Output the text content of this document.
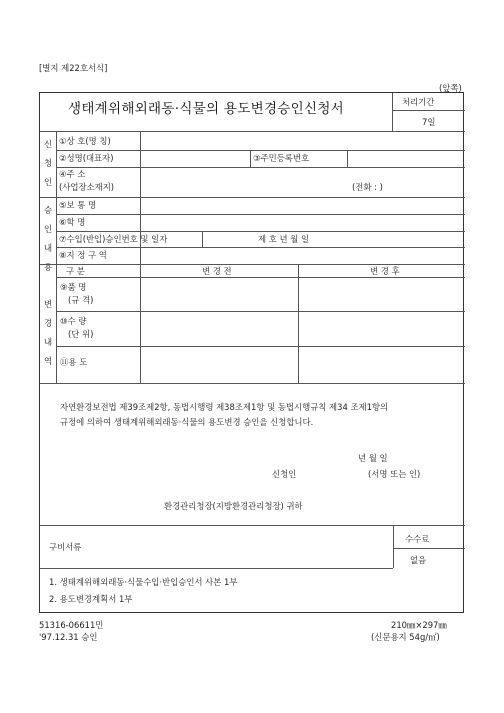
[별지 제22호서식]
(앞쪽)
생태계위해외래동·식물의 용도변경승인신청서	처리기간
7일
신
청
인
①상 호(명 칭)
②성명(대표자)	③주민등록번호
④주 소
(사업장소재지)	(전화 : )
승
인
내
용
⑤보 통 명
⑥학 명
⑦수입(반입)승인번호 및 일자	제 호 년 월 일
⑧지 정 구 역
변
경
내
역
구 분	변 경 전	변 경 후
⑨품 명
(규 격)
⑩수 량
(단 위)
⑪용 도
자연환경보전법 제39조제2항, 동법시행령 제38조제1항 및 동법시행규칙 제34 조제1항의
규정에 의하여 생태계위해외래동·식물의 용도변경 승인을 신청합니다.
년 월 일
신청인	(서명 또는 인)
환경관리청장(지방환경관리청장) 귀하
수수료
없음
구비서류
1. 생태계위해외래동·식물수입·반입승인서 사본 1부
2. 용도변경계획서 1부
51316-06611민
'97.12.31 승인
210㎜×297㎜
(신문용지 54g/㎡)
